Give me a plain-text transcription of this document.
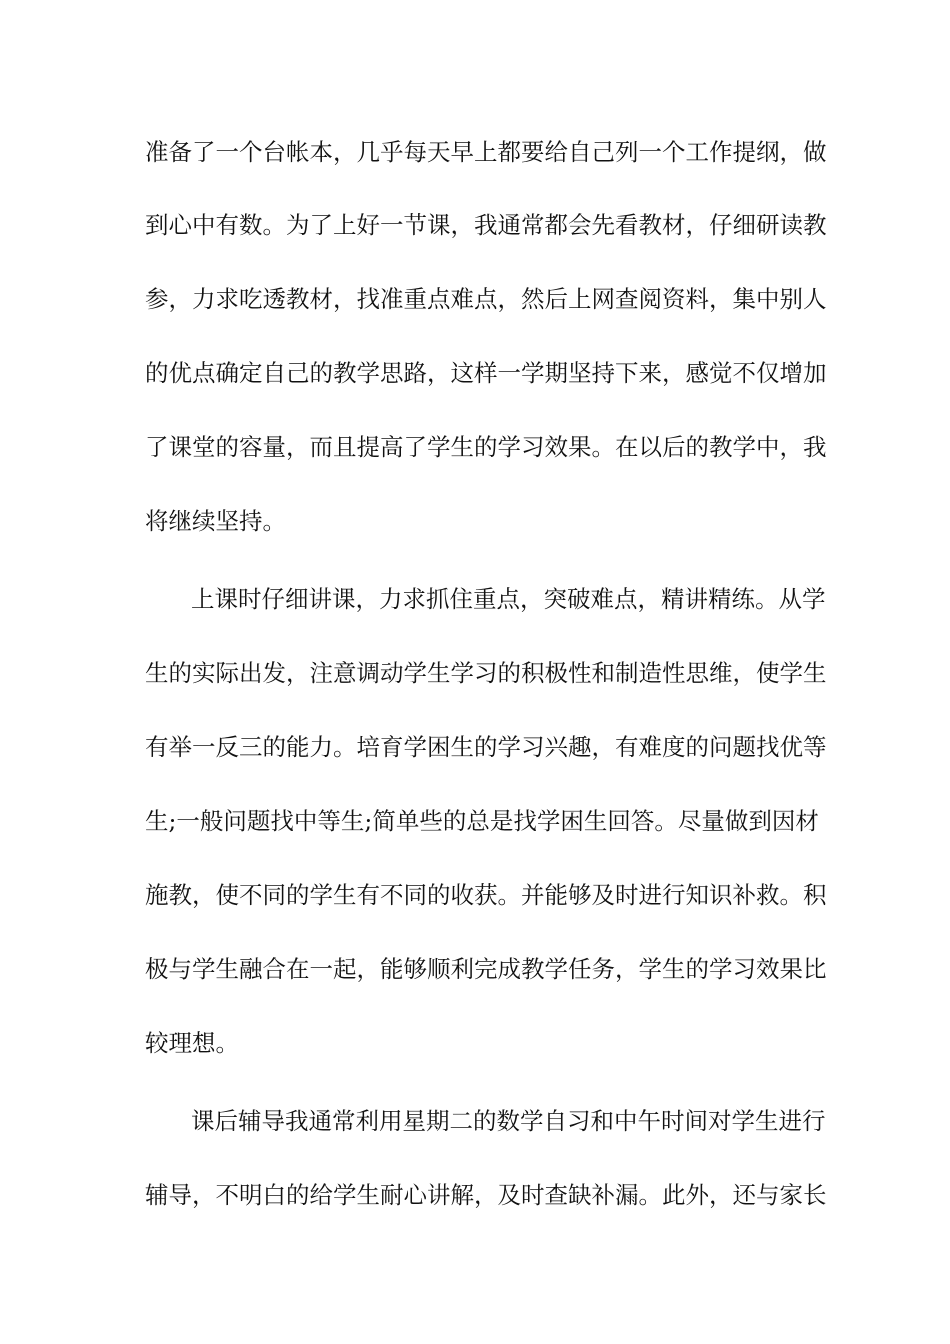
准备了一个台帐本，几乎每天早上都要给自己列一个工作提纲，做
到心中有数。为了上好一节课，我通常都会先看教材，仔细研读教
参，力求吃透教材，找准重点难点，然后上网查阅资料，集中别人
的优点确定自己的教学思路，这样一学期坚持下来，感觉不仅增加
了课堂的容量，而且提高了学生的学习效果。在以后的教学中，我
将继续坚持。
上课时仔细讲课，力求抓住重点，突破难点，精讲精练。从学
生的实际出发，注意调动学生学习的积极性和制造性思维，使学生
有举一反三的能力。培育学困生的学习兴趣，有难度的问题找优等
生;一般问题找中等生;简单些的总是找学困生回答。尽量做到因材
施教，使不同的学生有不同的收获。并能够及时进行知识补救。积
极与学生融合在一起，能够顺利完成教学任务，学生的学习效果比
较理想。
课后辅导我通常利用星期二的数学自习和中午时间对学生进行
辅导，不明白的给学生耐心讲解，及时查缺补漏。此外，还与家长
